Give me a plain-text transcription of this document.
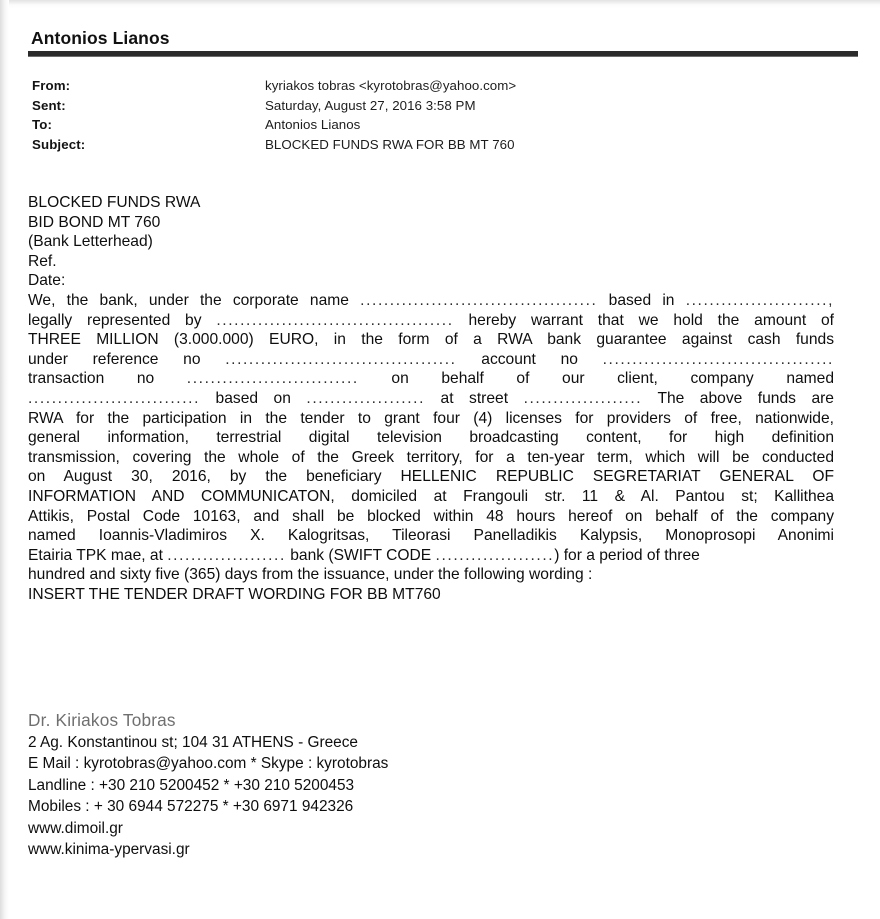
Antonios Lianos
From:	kyriakos tobras <kyrotobras@yahoo.com>
Sent:	Saturday, August 27, 2016 3:58 PM
To:	Antonios Lianos
Subject:	BLOCKED FUNDS RWA FOR BB MT 760
BLOCKED FUNDS RWA
BID BOND MT 760
(Bank Letterhead)
Ref.
Date:
We, the bank, under the corporate name ........................................ based in ........................,
legally represented by ........................................ hereby warrant that we hold the amount of
THREE MILLION (3.000.000) EURO, in the form of a RWA bank guarantee against cash funds
under reference no ....................................... account no .......................................
transaction no ............................. on behalf of our client, company named
............................. based on .................... at street .................... The above funds are
RWA for the participation in the tender to grant four (4) licenses for providers of free, nationwide,
general information, terrestrial digital television broadcasting content, for high definition
transmission, covering the whole of the Greek territory, for a ten-year term, which will be conducted
on August 30, 2016, by the beneficiary HELLENIC REPUBLIC SEGRETARIAT GENERAL OF
INFORMATION AND COMMUNICATON, domiciled at Frangouli str. 11 & Al. Pantou st; Kallithea
Attikis, Postal Code 10163, and shall be blocked within 48 hours hereof on behalf of the company
named Ioannis-Vladimiros X. Kalogritsas, Tileorasi Panelladikis Kalypsis, Monoprosopi Anonimi
Etairia TPK mae, at .................... bank (SWIFT CODE ....................) for a period of three
hundred and sixty five (365) days from the issuance, under the following wording :
INSERT THE TENDER DRAFT WORDING FOR BB MT760
Dr. Kiriakos Tobras
2 Ag. Konstantinou st; 104 31 ATHENS - Greece
E Mail : kyrotobras@yahoo.com * Skype : kyrotobras
Landline : +30 210 5200452 * +30 210 5200453
Mobiles : + 30 6944 572275 * +30 6971 942326
www.dimoil.gr
www.kinima-ypervasi.gr
